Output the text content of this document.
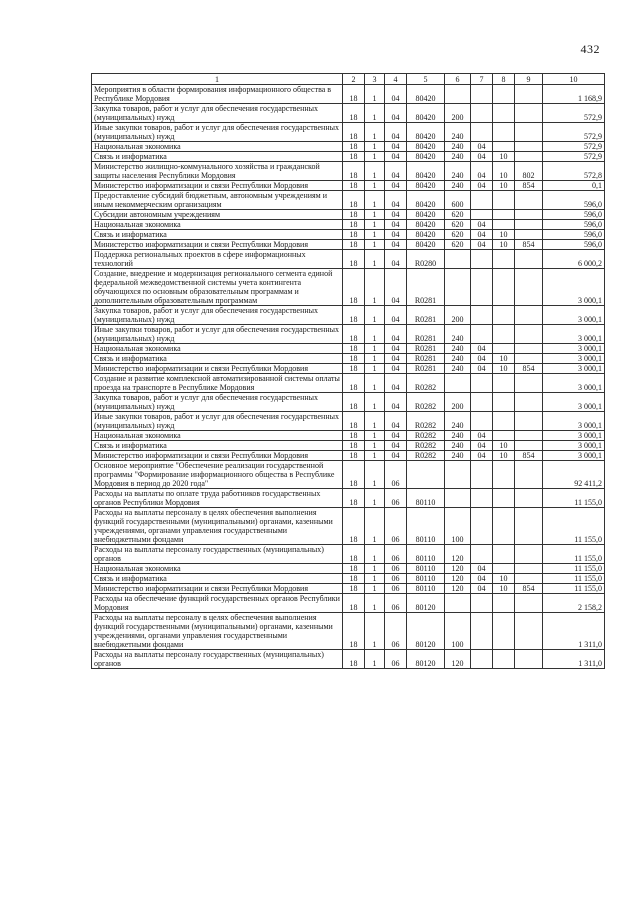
432
1	2	3	4	5	6	7	8	9	10
Мероприятия в области формирования информационного общества в Республике Мордовия	18	1	04	80420					1 168,9
Закупка товаров, работ и услуг для обеспечения государственных (муниципальных) нужд	18	1	04	80420	200				572,9
Иные закупки товаров, работ и услуг для обеспечения государственных (муниципальных) нужд	18	1	04	80420	240				572,9
Национальная экономика	18	1	04	80420	240	04			572,9
Связь и информатика	18	1	04	80420	240	04	10		572,9
Министерство жилищно-коммунального хозяйства и гражданской защиты населения Республики Мордовия	18	1	04	80420	240	04	10	802	572,8
Министерство информатизации и связи Республики Мордовия	18	1	04	80420	240	04	10	854	0,1
Предоставление субсидий бюджетным, автономным учреждениям и иным некоммерческим организациям	18	1	04	80420	600				596,0
Субсидии автономным учреждениям	18	1	04	80420	620				596,0
Национальная экономика	18	1	04	80420	620	04			596,0
Связь и информатика	18	1	04	80420	620	04	10		596,0
Министерство информатизации и связи Республики Мордовия	18	1	04	80420	620	04	10	854	596,0
Поддержка региональных проектов в сфере информационных технологий	18	1	04	R0280					6 000,2
Создание, внедрение и модернизация регионального сегмента единой федеральной межведомственной системы учета контингента обучающихся по основным образовательным программам и дополнительным образовательным программам	18	1	04	R0281					3 000,1
Закупка товаров, работ и услуг для обеспечения государственных (муниципальных) нужд	18	1	04	R0281	200				3 000,1
Иные закупки товаров, работ и услуг для обеспечения государственных (муниципальных) нужд	18	1	04	R0281	240				3 000,1
Национальная экономика	18	1	04	R0281	240	04			3 000,1
Связь и информатика	18	1	04	R0281	240	04	10		3 000,1
Министерство информатизации и связи Республики Мордовия	18	1	04	R0281	240	04	10	854	3 000,1
Создание и развитие комплексной автоматизированной системы оплаты проезда на транспорте в Республике Мордовия	18	1	04	R0282					3 000,1
Закупка товаров, работ и услуг для обеспечения государственных (муниципальных) нужд	18	1	04	R0282	200				3 000,1
Иные закупки товаров, работ и услуг для обеспечения государственных (муниципальных) нужд	18	1	04	R0282	240				3 000,1
Национальная экономика	18	1	04	R0282	240	04			3 000,1
Связь и информатика	18	1	04	R0282	240	04	10		3 000,1
Министерство информатизации и связи Республики Мордовия	18	1	04	R0282	240	04	10	854	3 000,1
Основное мероприятие "Обеспечение реализации государственной программы "Формирование информационного общества в Республике Мордовия в период до 2020 года"	18	1	06						92 411,2
Расходы на выплаты по оплате труда работников государственных органов Республики Мордовия	18	1	06	80110					11 155,0
Расходы на выплаты персоналу в целях обеспечения выполнения функций государственными (муниципальными) органами, казенными учреждениями, органами управления государственными внебюджетными фондами	18	1	06	80110	100				11 155,0
Расходы на выплаты персоналу государственных (муниципальных) органов	18	1	06	80110	120				11 155,0
Национальная экономика	18	1	06	80110	120	04			11 155,0
Связь и информатика	18	1	06	80110	120	04	10		11 155,0
Министерство информатизации и связи Республики Мордовия	18	1	06	80110	120	04	10	854	11 155,0
Расходы на обеспечение функций государственных органов Республики Мордовия	18	1	06	80120					2 158,2
Расходы на выплаты персоналу в целях обеспечения выполнения функций государственными (муниципальными) органами, казенными учреждениями, органами управления государственными внебюджетными фондами	18	1	06	80120	100				1 311,0
Расходы на выплаты персоналу государственных (муниципальных) органов	18	1	06	80120	120				1 311,0
